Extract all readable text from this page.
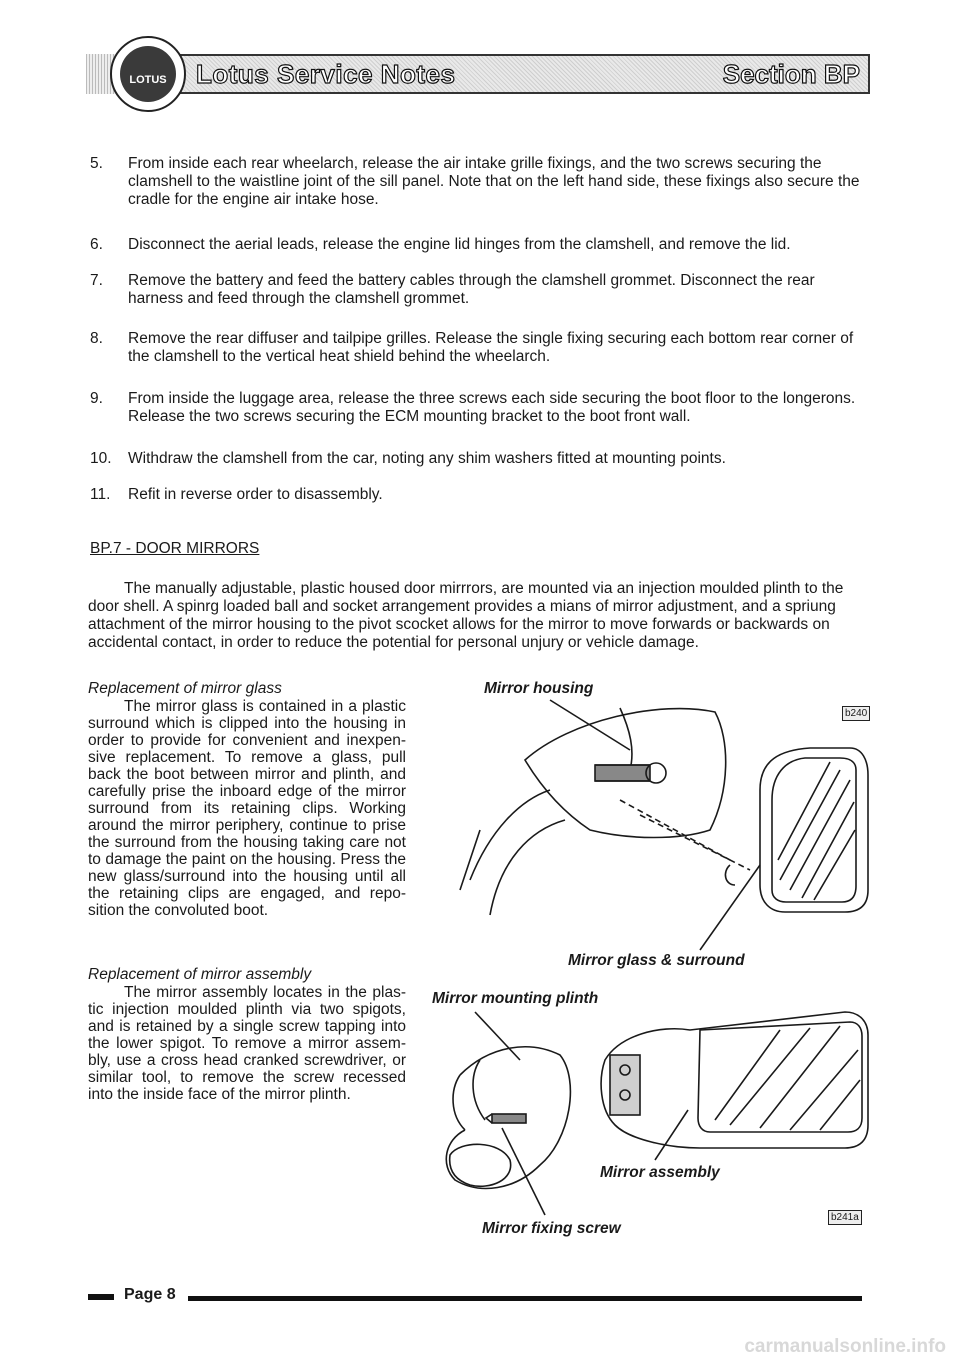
LOTUS	Lotus Service Notes	Section BP
5.	From inside each rear wheelarch, release the air intake grille fixings, and the two screws securing the clamshell to the waistline joint of the sill panel. Note that on the left hand side, these fixings also secure the cradle for the engine air intake hose.
6.	Disconnect the aerial leads, release the engine lid hinges from the clamshell, and remove the lid.
7.	Remove the battery and feed the battery cables through the clamshell grommet. Disconnect the rear harness and feed through the clamshell grommet.
8.	Remove the rear diffuser and tailpipe grilles. Release the single fixing securing each bottom rear corner of the clamshell to the vertical heat shield behind the wheelarch.
9.	From inside the luggage area, release the three screws each side securing the boot floor to the longerons. Release the two screws securing the ECM mounting bracket to the boot front wall.
10.	Withdraw the clamshell from the car, noting any shim washers fitted at mounting points.
11.	Refit in reverse order to disassembly.
BP.7 - DOOR MIRRORS
The manually adjustable, plastic housed door mirrrors, are mounted via an injection moulded plinth to the door shell. A spinrg loaded ball and socket arrangement provides a mians of mirror adjustment, and a spriung attachment of the mirror housing to the pivot scocket allows for the mirror to move forwards or backwards on accidental contact, in order to reduce the potential for personal unjury or vehicle damage.
Replacement of mirror glass
The mirror glass is contained in a plastic surround which is clipped into the housing in order to provide for convenient and inexpen-sive replacement. To remove a glass, pull back the boot between mirror and plinth, and carefully prise the inboard edge of the mirror surround from its retaining clips. Working around the mirror periphery, continue to prise the surround from the housing taking care not to damage the paint on the housing. Press the new glass/surround into the housing until all the retaining clips are engaged, and repo-sition the convoluted boot.
Replacement of mirror assembly
The mirror assembly locates in the plas-tic injection moulded plinth via two spigots, and is retained by a single screw tapping into the lower spigot. To remove a mirror assem-bly, use a cross head cranked screwdriver, or similar tool, to remove the screw recessed into the inside face of the mirror plinth.
Mirror housing
Mirror glass & surround
b240
Mirror mounting plinth
Mirror assembly
Mirror fixing screw
b241a
Page 8
carmanualsonline.info
